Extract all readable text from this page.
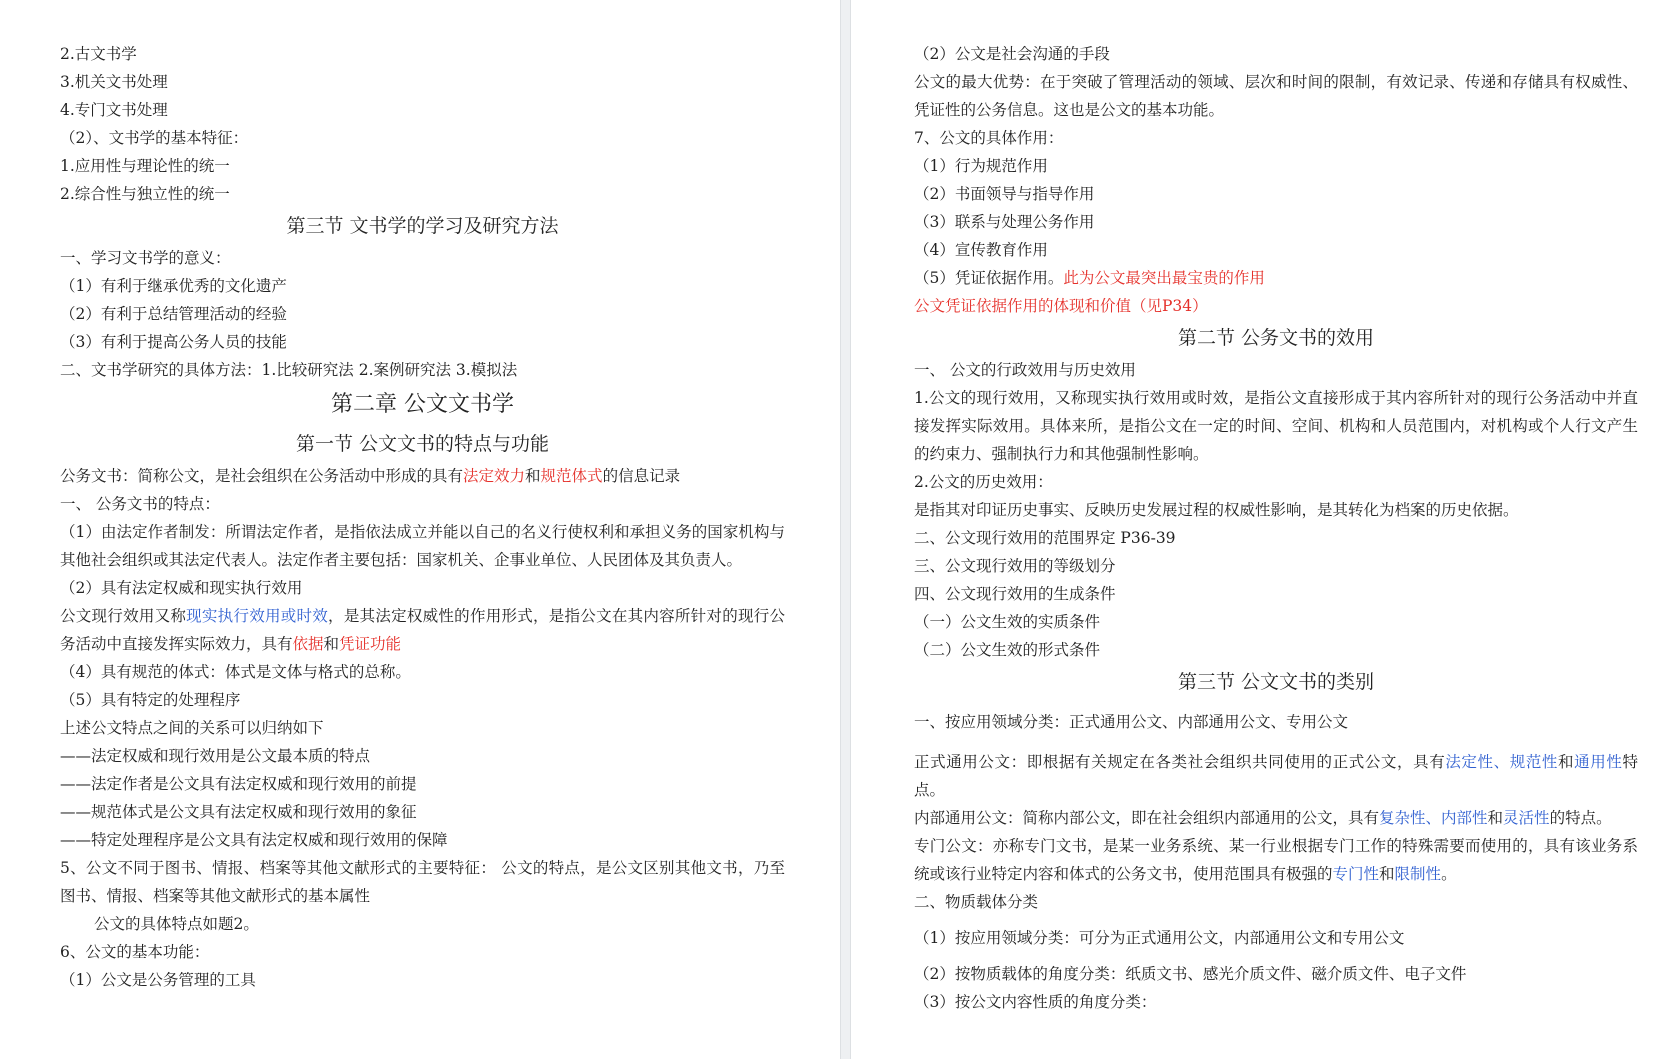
2.古文书学
3.机关文书处理
4.专门文书处理
（2）、文书学的基本特征：
1.应用性与理论性的统一
2.综合性与独立性的统一
第三节 文书学的学习及研究方法
一、学习文书学的意义：
（1）有利于继承优秀的文化遗产
（2）有利于总结管理活动的经验
（3）有利于提高公务人员的技能
二、文书学研究的具体方法：1.比较研究法 2.案例研究法 3.模拟法
第二章 公文文书学
第一节 公文文书的特点与功能
公务文书：简称公文，是社会组织在公务活动中形成的具有法定效力和规范体式的信息记录
一、 公务文书的特点：
（1）由法定作者制发：所谓法定作者，是指依法成立并能以自己的名义行使权利和承担义务的国家机构与其他社会组织或其法定代表人。法定作者主要包括：国家机关、企事业单位、人民团体及其负责人。
（2）具有法定权威和现实执行效用
公文现行效用又称现实执行效用或时效，是其法定权威性的作用形式，是指公文在其内容所针对的现行公务活动中直接发挥实际效力，具有依据和凭证功能
（4）具有规范的体式：体式是文体与格式的总称。
（5）具有特定的处理程序
上述公文特点之间的关系可以归纳如下
——法定权威和现行效用是公文最本质的特点
——法定作者是公文具有法定权威和现行效用的前提
——规范体式是公文具有法定权威和现行效用的象征
——特定处理程序是公文具有法定权威和现行效用的保障
5、公文不同于图书、情报、档案等其他文献形式的主要特征： 公文的特点，是公文区别其他文书，乃至图书、情报、档案等其他文献形式的基本属性
公文的具体特点如题2。
6、公文的基本功能：
（1）公文是公务管理的工具
（2）公文是社会沟通的手段
公文的最大优势：在于突破了管理活动的领域、层次和时间的限制，有效记录、传递和存储具有权威性、凭证性的公务信息。这也是公文的基本功能。
7、公文的具体作用：
（1）行为规范作用
（2）书面领导与指导作用
（3）联系与处理公务作用
（4）宣传教育作用
（5）凭证依据作用。此为公文最突出最宝贵的作用
公文凭证依据作用的体现和价值（见P34）
第二节 公务文书的效用
一、 公文的行政效用与历史效用
1.公文的现行效用，又称现实执行效用或时效，是指公文直接形成于其内容所针对的现行公务活动中并直接发挥实际效用。具体来所，是指公文在一定的时间、空间、机构和人员范围内，对机构或个人行文产生的约束力、强制执行力和其他强制性影响。
2.公文的历史效用：
是指其对印证历史事实、反映历史发展过程的权威性影响，是其转化为档案的历史依据。
二、公文现行效用的范围界定 P36-39
三、公文现行效用的等级划分
四、公文现行效用的生成条件
（一）公文生效的实质条件
（二）公文生效的形式条件
第三节 公文文书的类别
一、按应用领域分类：正式通用公文、内部通用公文、专用公文
正式通用公文：即根据有关规定在各类社会组织共同使用的正式公文，具有法定性、规范性和通用性特点。
内部通用公文：简称内部公文，即在社会组织内部通用的公文，具有复杂性、内部性和灵活性的特点。
专门公文：亦称专门文书，是某一业务系统、某一行业根据专门工作的特殊需要而使用的，具有该业务系统或该行业特定内容和体式的公务文书，使用范围具有极强的专门性和限制性。
二、物质载体分类
（1）按应用领域分类：可分为正式通用公文，内部通用公文和专用公文
（2）按物质载体的角度分类：纸质文书、感光介质文件、磁介质文件、电子文件
（3）按公文内容性质的角度分类：
